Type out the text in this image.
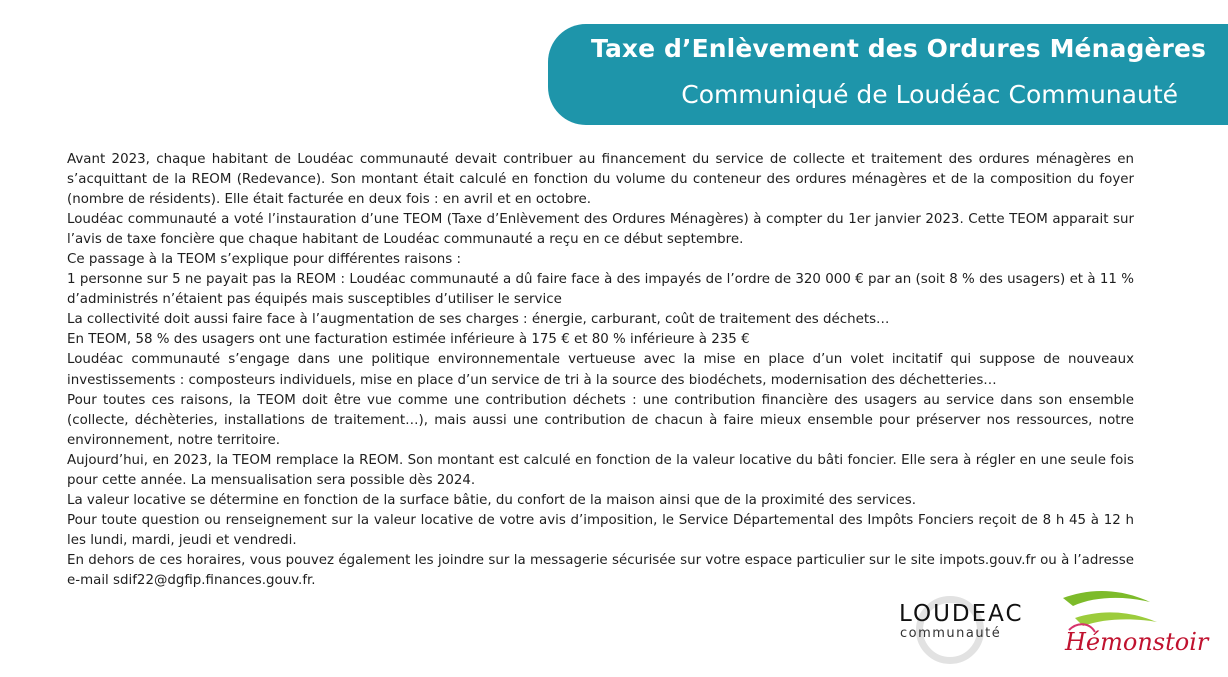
Taxe d’Enlèvement des Ordures Ménagères
Communiqué de Loudéac Communauté

Avant 2023, chaque habitant de Loudéac communauté devait contribuer au financement du service de collecte et traitement des ordures ménagères en s’acquittant de la REOM (Redevance). Son montant était calculé en fonction du volume du conteneur des ordures ménagères et de la composition du foyer (nombre de résidents). Elle était facturée en deux fois : en avril et en octobre.

Loudéac communauté a voté l’instauration d’une TEOM (Taxe d’Enlèvement des Ordures Ménagères) à compter du 1er janvier 2023. Cette TEOM apparait sur l’avis de taxe foncière que chaque habitant de Loudéac communauté a reçu en ce début septembre.

Ce passage à la TEOM s’explique pour différentes raisons :

1 personne sur 5 ne payait pas la REOM : Loudéac communauté a dû faire face à des impayés de l’ordre de 320 000 € par an (soit 8 % des usagers) et à 11 % d’administrés n’étaient pas équipés mais susceptibles d’utiliser le service

La collectivité doit aussi faire face à l’augmentation de ses charges : énergie, carburant, coût de traitement des déchets…

En TEOM, 58 % des usagers ont une facturation estimée inférieure à 175 € et 80 % inférieure à 235 €

Loudéac communauté s’engage dans une politique environnementale vertueuse avec la mise en place d’un volet incitatif qui suppose de nouveaux investissements : composteurs individuels, mise en place d’un service de tri à la source des biodéchets, modernisation des déchetteries…

Pour toutes ces raisons, la TEOM doit être vue comme une contribution déchets : une contribution financière des usagers au service dans son ensemble (collecte, déchèteries, installations de traitement…), mais aussi une contribution de chacun à faire mieux ensemble pour préserver nos ressources, notre environnement, notre territoire.

Aujourd’hui, en 2023, la TEOM remplace la REOM. Son montant est calculé en fonction de la valeur locative du bâti foncier. Elle sera à régler en une seule fois pour cette année. La mensualisation sera possible dès 2024.

La valeur locative se détermine en fonction de la surface bâtie, du confort de la maison ainsi que de la proximité des services.

Pour toute question ou renseignement sur la valeur locative de votre avis d’imposition, le Service Départemental des Impôts Fonciers reçoit de 8 h 45 à 12 h les lundi, mardi, jeudi et vendredi.

En dehors de ces horaires, vous pouvez également les joindre sur la messagerie sécurisée sur votre espace particulier sur le site impots.gouv.fr ou à l’adresse e-mail sdif22@dgfip.finances.gouv.fr.

LOUDEAC
communauté	Hémonstoir
